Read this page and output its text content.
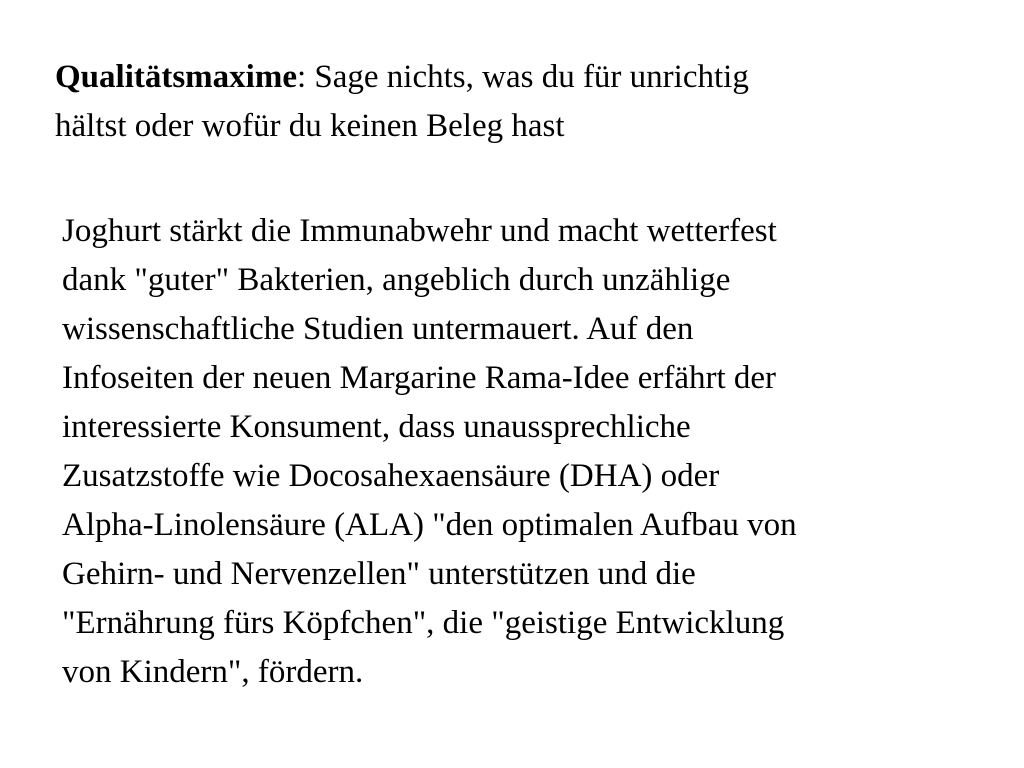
Qualitätsmaxime: Sage nichts, was du für unrichtig
hältst oder wofür du keinen Beleg hast
Joghurt stärkt die Immunabwehr und macht wetterfest
dank "guter" Bakterien, angeblich durch unzählige
wissenschaftliche Studien untermauert. Auf den
Infoseiten der neuen Margarine Rama-Idee erfährt der
interessierte Konsument, dass unaussprechliche
Zusatzstoffe wie Docosahexaensäure (DHA) oder
Alpha-Linolensäure (ALA) "den optimalen Aufbau von
Gehirn- und Nervenzellen" unterstützen und die
"Ernährung fürs Köpfchen", die "geistige Entwicklung
von Kindern", fördern.
